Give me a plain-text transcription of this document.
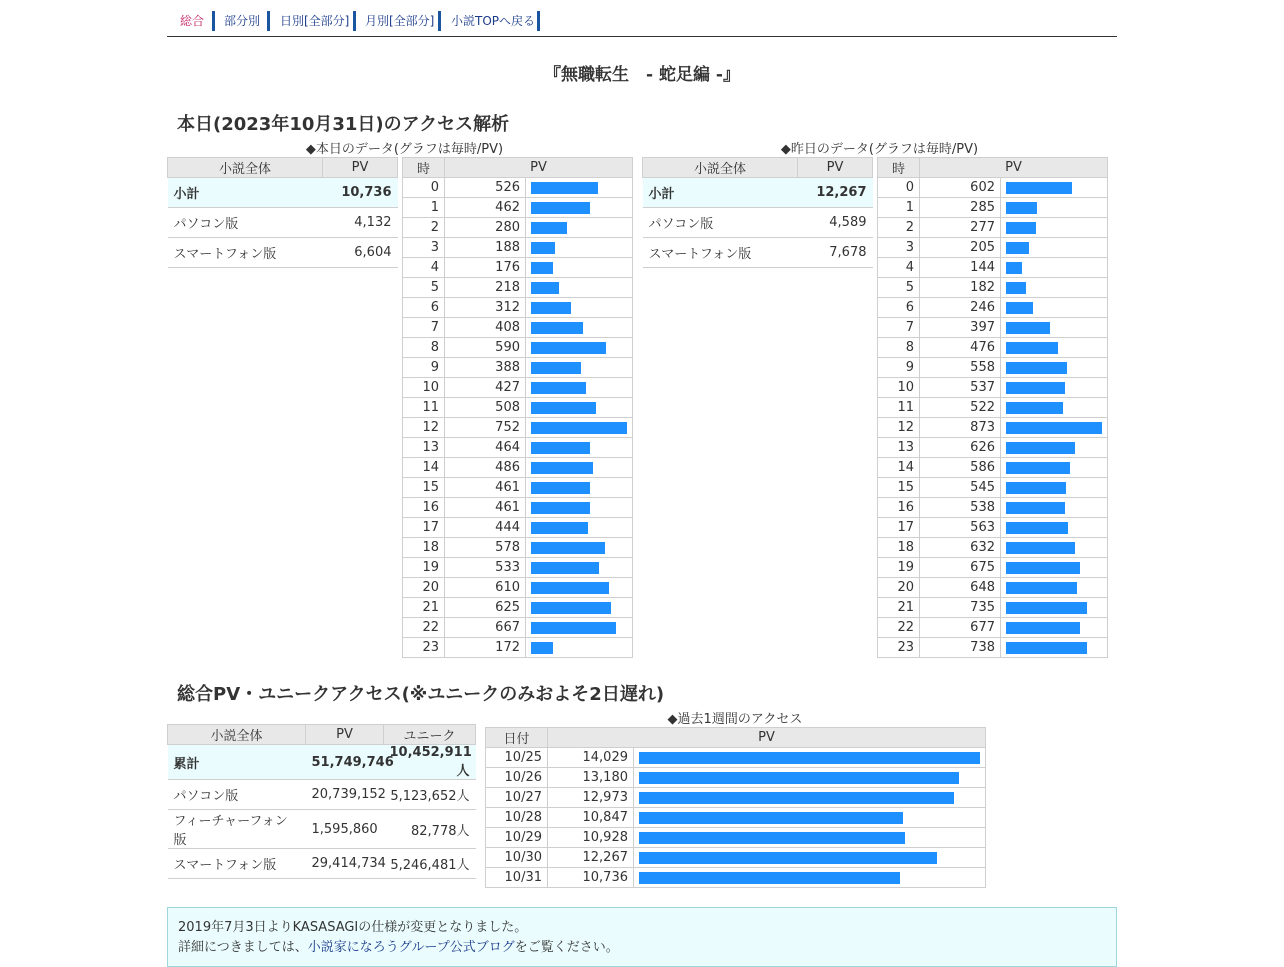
総合 部分別 日別[全部分] 月別[全部分] 小説TOPへ戻る
『無職転生　- 蛇足編 -』
本日(2023年10月31日)のアクセス解析
◆本日のデータ(グラフは毎時/PV)	◆昨日のデータ(グラフは毎時/PV)
小説全体	PV
小計	10,736
パソコン版	4,132
スマートフォン版	6,604
時	PV	
0	526	

1	462	

2	280	

3	188	

4	176	

5	218	

6	312	

7	408	

8	590	

9	388	

10	427	

11	508	

12	752	

13	464	

14	486	

15	461	

16	461	

17	444	

18	578	

19	533	

20	610	

21	625	

22	667	

23	172	
小説全体	PV
小計	12,267
パソコン版	4,589
スマートフォン版	7,678
時	PV	
0	602	

1	285	

2	277	

3	205	

4	144	

5	182	

6	246	

7	397	

8	476	

9	558	

10	537	

11	522	

12	873	

13	626	

14	586	

15	545	

16	538	

17	563	

18	632	

19	675	

20	648	

21	735	

22	677	

23	738	
総合PV・ユニークアクセス(※ユニークのみおよそ2日遅れ)
小説全体	PV	ユニーク
累計	51,749,746	10,452,911人
パソコン版	20,739,152	5,123,652人
フィーチャーフォン版	1,595,860	82,778人
スマートフォン版	29,414,734	5,246,481人
◆過去1週間のアクセス
日付	PV	
10/25	14,029	

10/26	13,180	

10/27	12,973	

10/28	10,847	

10/29	10,928	

10/30	12,267	

10/31	10,736	
2019年7月3日よりKASASAGIの仕様が変更となりました。
詳細につきましては、小説家になろうグループ公式ブログをご覧ください。
